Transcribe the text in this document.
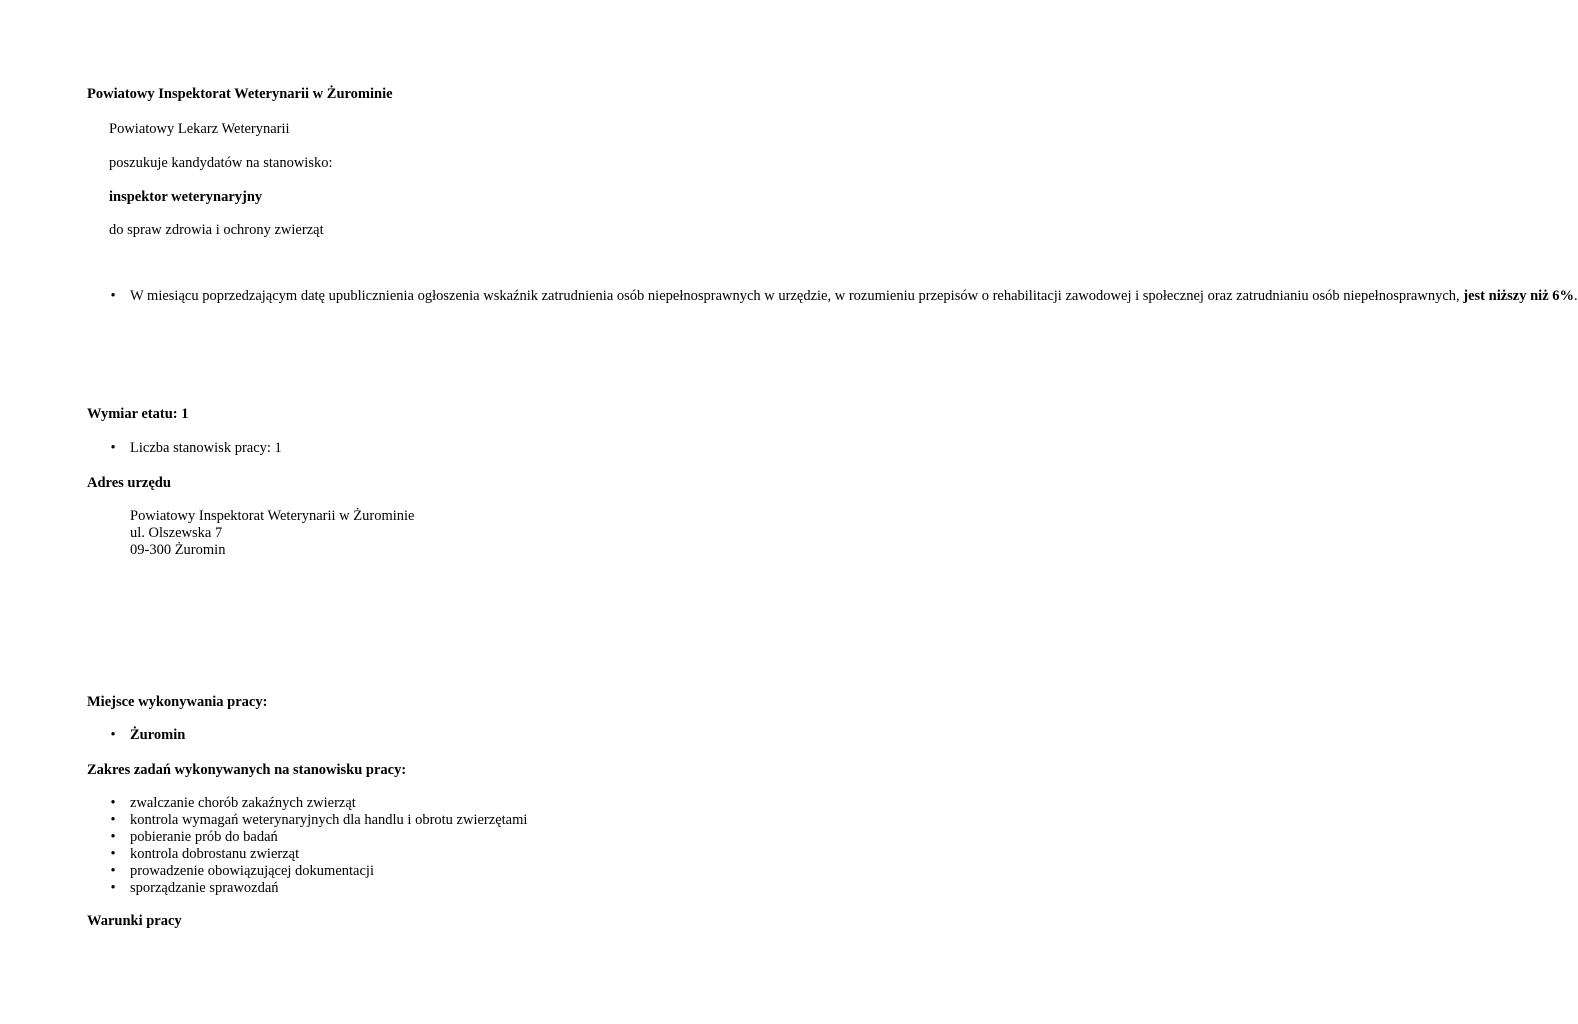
Powiatowy Inspektorat Weterynarii w Żurominie
Powiatowy Lekarz Weterynarii
poszukuje kandydatów na stanowisko:
inspektor weterynaryjny
do spraw zdrowia i ochrony zwierząt
• W miesiącu poprzedzającym datę upublicznienia ogłoszenia wskaźnik zatrudnienia osób niepełnosprawnych w urzędzie, w rozumieniu przepisów o rehabilitacji zawodowej i społecznej oraz zatrudnianiu osób niepełnosprawnych, jest niższy niż 6%.
Wymiar etatu: 1
• Liczba stanowisk pracy: 1
Adres urzędu
Powiatowy Inspektorat Weterynarii w Żurominie
ul. Olszewska 7
09-300 Żuromin
Miejsce wykonywania pracy:
• Żuromin
Zakres zadań wykonywanych na stanowisku pracy:
• zwalczanie chorób zakaźnych zwierząt
• kontrola wymagań weterynaryjnych dla handlu i obrotu zwierzętami
• pobieranie prób do badań
• kontrola dobrostanu zwierząt
• prowadzenie obowiązującej dokumentacji
• sporządzanie sprawozdań
Warunki pracy
